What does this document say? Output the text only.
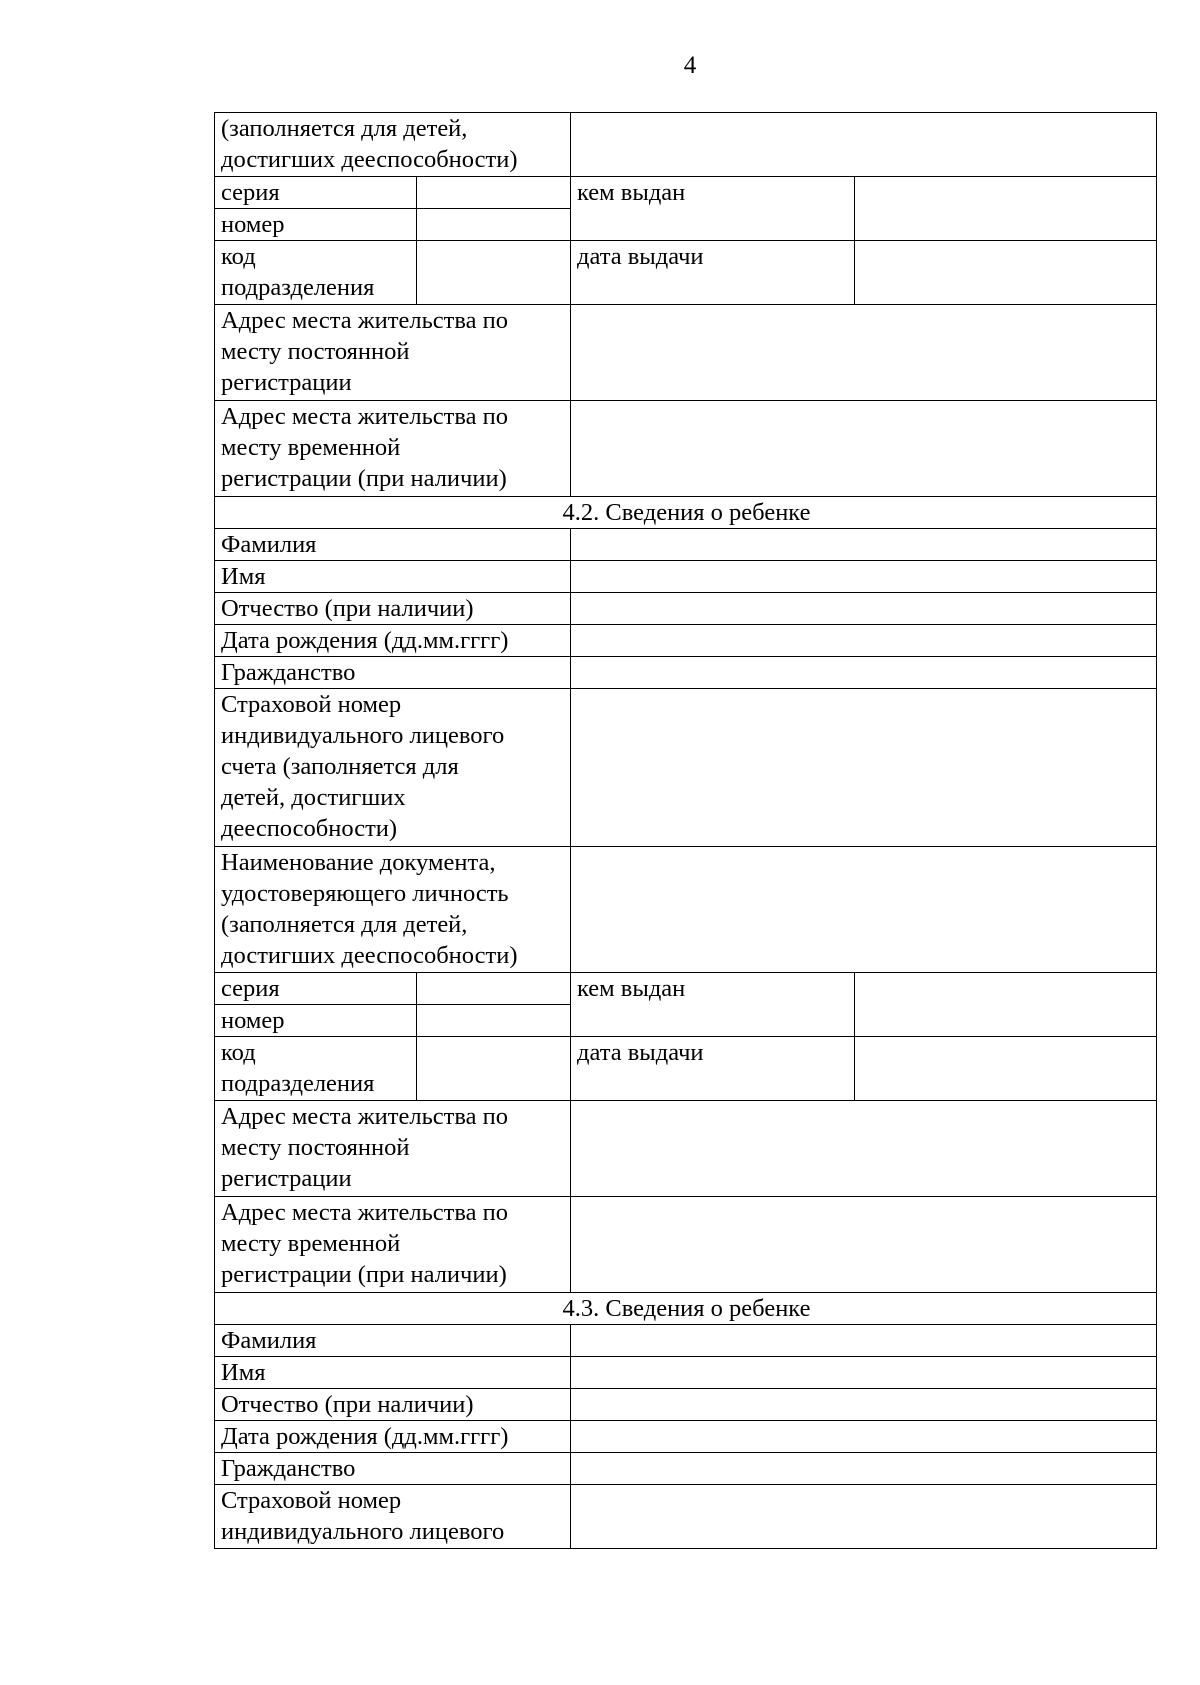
4
(заполняется для детей,
достигших дееспособности)			

серия		кем выдан	
номер			

код
подразделения		дата выдачи	

Адрес места жительства по
месту постоянной
регистрации			

Адрес места жительства по
месту временной
регистрации (при наличии)			

4.2. Сведения о ребенке			
Фамилия			
Имя			
Отчество (при наличии)			
Дата рождения (дд.мм.гггг)			
Гражданство			

Страховой номер
индивидуального лицевого
счета (заполняется для
детей, достигших
дееспособности)			

Наименование документа,
удостоверяющего личность
(заполняется для детей,
достигших дееспособности)			

серия		кем выдан	
номер			

код
подразделения		дата выдачи	

Адрес места жительства по
месту постоянной
регистрации			

Адрес места жительства по
месту временной
регистрации (при наличии)			

4.3. Сведения о ребенке			
Фамилия			
Имя			
Отчество (при наличии)			
Дата рождения (дд.мм.гггг)			
Гражданство			

Страховой номер
индивидуального лицевого			
